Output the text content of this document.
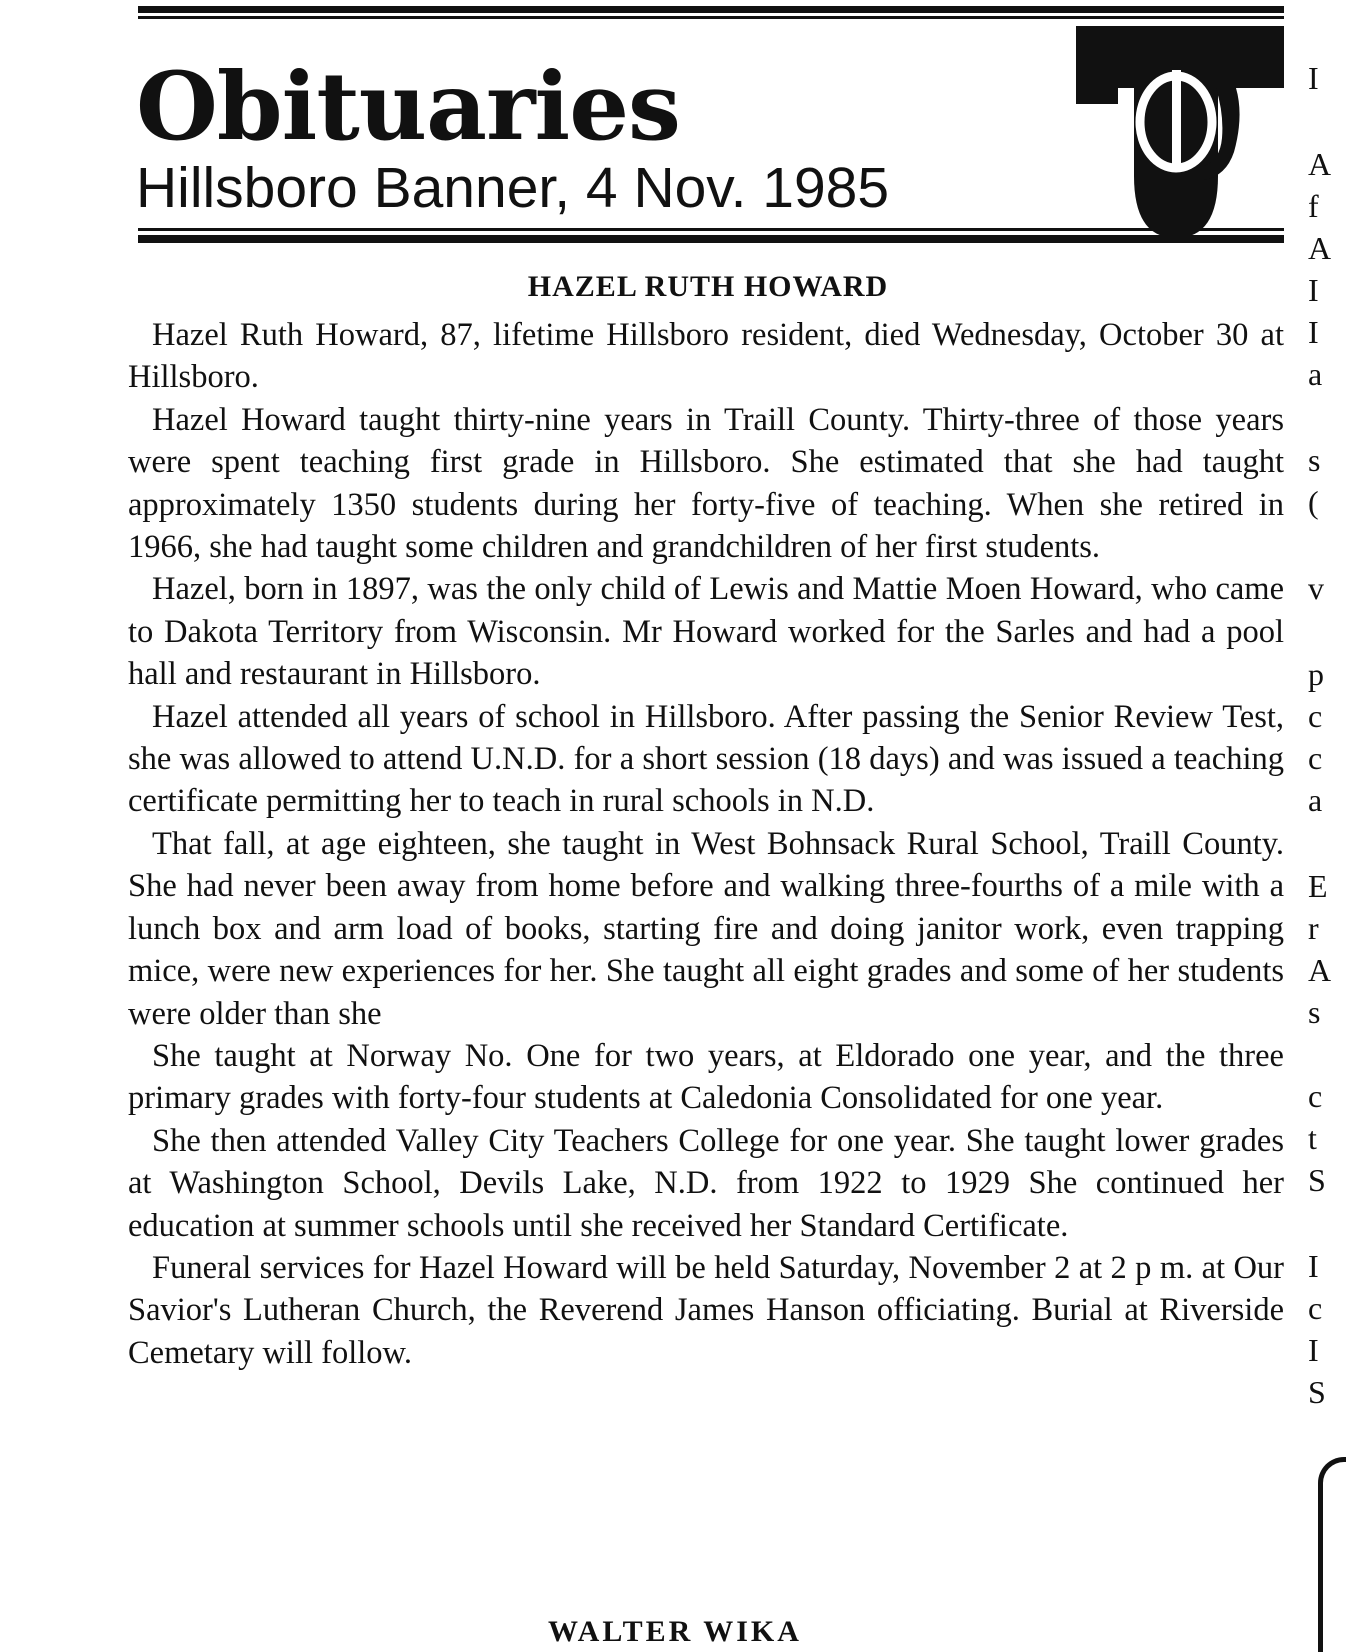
Obituaries
Hillsboro Banner, 4 Nov. 1985
HAZEL RUTH HOWARD

Hazel Ruth Howard, 87, lifetime Hillsboro resident, died Wednesday, October 30 at Hillsboro.

Hazel Howard taught thirty-nine years in Traill County. Thirty-three of those years were spent teaching first grade in Hillsboro. She estimated that she had taught approximately 1350 students during her forty-five of teaching. When she retired in 1966, she had taught some children and grandchildren of her first students.

Hazel, born in 1897, was the only child of Lewis and Mattie Moen Howard, who came to Dakota Territory from Wisconsin. Mr Howard worked for the Sarles and had a pool hall and restaurant in Hillsboro.

Hazel attended all years of school in Hillsboro. After passing the Senior Review Test, she was allowed to attend U.N.D. for a short session (18 days) and was issued a teaching certificate permitting her to teach in rural schools in N.D.

That fall, at age eighteen, she taught in West Bohnsack Rural School, Traill County. She had never been away from home before and walking three-fourths of a mile with a lunch box and arm load of books, starting fire and doing janitor work, even trapping mice, were new experiences for her. She taught all eight grades and some of her students were older than she

She taught at Norway No. One for two years, at Eldorado one year, and the three primary grades with forty-four students at Caledonia Consolidated for one year.

She then attended Valley City Teachers College for one year. She taught lower grades at Washington School, Devils Lake, N.D. from 1922 to 1929 She continued her education at summer schools until she received her Standard Certificate.

Funeral services for Hazel Howard will be held Saturday, November 2 at 2 p m. at Our Savior's Lutheran Church, the Reverend James Hanson officiating. Burial at Riverside Cemetary will follow.

WALTER WIKA
I
A
f
A
I
I
a
s
(
v
p
c
c
a
E
r
A
s
c
t
S
I
c
I
S
